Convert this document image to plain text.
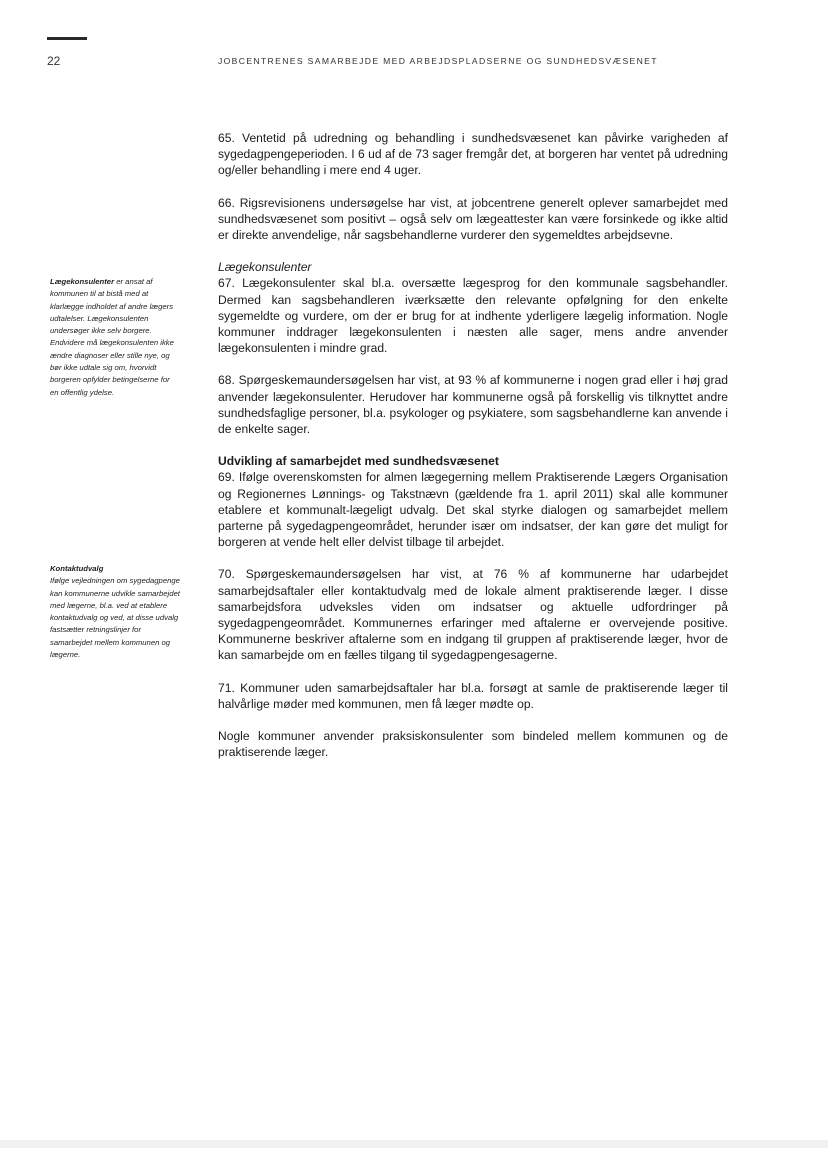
22	JOBCENTRENES SAMARBEJDE MED ARBEJDSPLADSERNE OG SUNDHEDSVÆSENET

Lægekonsulenter er ansat af kommunen til at bistå med at klarlægge indholdet af andre lægers udtalelser. Lægekonsulenten undersøger ikke selv borgere. Endvidere må lægekonsulenten ikke ændre diagnoser eller stille nye, og bør ikke udtale sig om, hvorvidt borgeren opfylder betingelserne for en offentlig ydelse.

Kontaktudvalg
Ifølge vejledningen om sygedagpenge kan kommunerne udvikle samarbejdet med lægerne, bl.a. ved at etablere kontaktudvalg og ved, at disse udvalg fastsætter retningslinjer for samarbejdet mellem kommunen og lægerne.

65. Ventetid på udredning og behandling i sundhedsvæsenet kan påvirke varigheden af sygedagpengeperioden. I 6 ud af de 73 sager fremgår det, at borgeren har ventet på udredning og/eller behandling i mere end 4 uger.

66. Rigsrevisionens undersøgelse har vist, at jobcentrene generelt oplever samarbejdet med sundhedsvæsenet som positivt – også selv om lægeattester kan være forsinkede og ikke altid er direkte anvendelige, når sagsbehandlerne vurderer den sygemeldtes arbejdsevne.

Lægekonsulenter

67. Lægekonsulenter skal bl.a. oversætte lægesprog for den kommunale sagsbehandler. Dermed kan sagsbehandleren iværksætte den relevante opfølgning for den enkelte sygemeldte og vurdere, om der er brug for at indhente yderligere lægelig information. Nogle kommuner inddrager lægekonsulenten i næsten alle sager, mens andre anvender lægekonsulenten i mindre grad.

68. Spørgeskemaundersøgelsen har vist, at 93 % af kommunerne i nogen grad eller i høj grad anvender lægekonsulenter. Herudover har kommunerne også på forskellig vis tilknyttet andre sundhedsfaglige personer, bl.a. psykologer og psykiatere, som sagsbehandlerne kan anvende i de enkelte sager.

Udvikling af samarbejdet med sundhedsvæsenet

69. Ifølge overenskomsten for almen lægegerning mellem Praktiserende Lægers Organisation og Regionernes Lønnings- og Takstnævn (gældende fra 1. april 2011) skal alle kommuner etablere et kommunalt-lægeligt udvalg. Det skal styrke dialogen og samarbejdet mellem parterne på sygedagpengeområdet, herunder især om indsatser, der kan gøre det muligt for borgeren at vende helt eller delvist tilbage til arbejdet.

70. Spørgeskemaundersøgelsen har vist, at 76 % af kommunerne har udarbejdet samarbejdsaftaler eller kontaktudvalg med de lokale alment praktiserende læger. I disse samarbejdsfora udveksles viden om indsatser og aktuelle udfordringer på sygedagpengeområdet. Kommunernes erfaringer med aftalerne er overvejende positive. Kommunerne beskriver aftalerne som en indgang til gruppen af praktiserende læger, hvor de kan samarbejde om en fælles tilgang til sygedagpengesagerne.

71. Kommuner uden samarbejdsaftaler har bl.a. forsøgt at samle de praktiserende læger til halvårlige møder med kommunen, men få læger mødte op.

Nogle kommuner anvender praksiskonsulenter som bindeled mellem kommunen og de praktiserende læger.
